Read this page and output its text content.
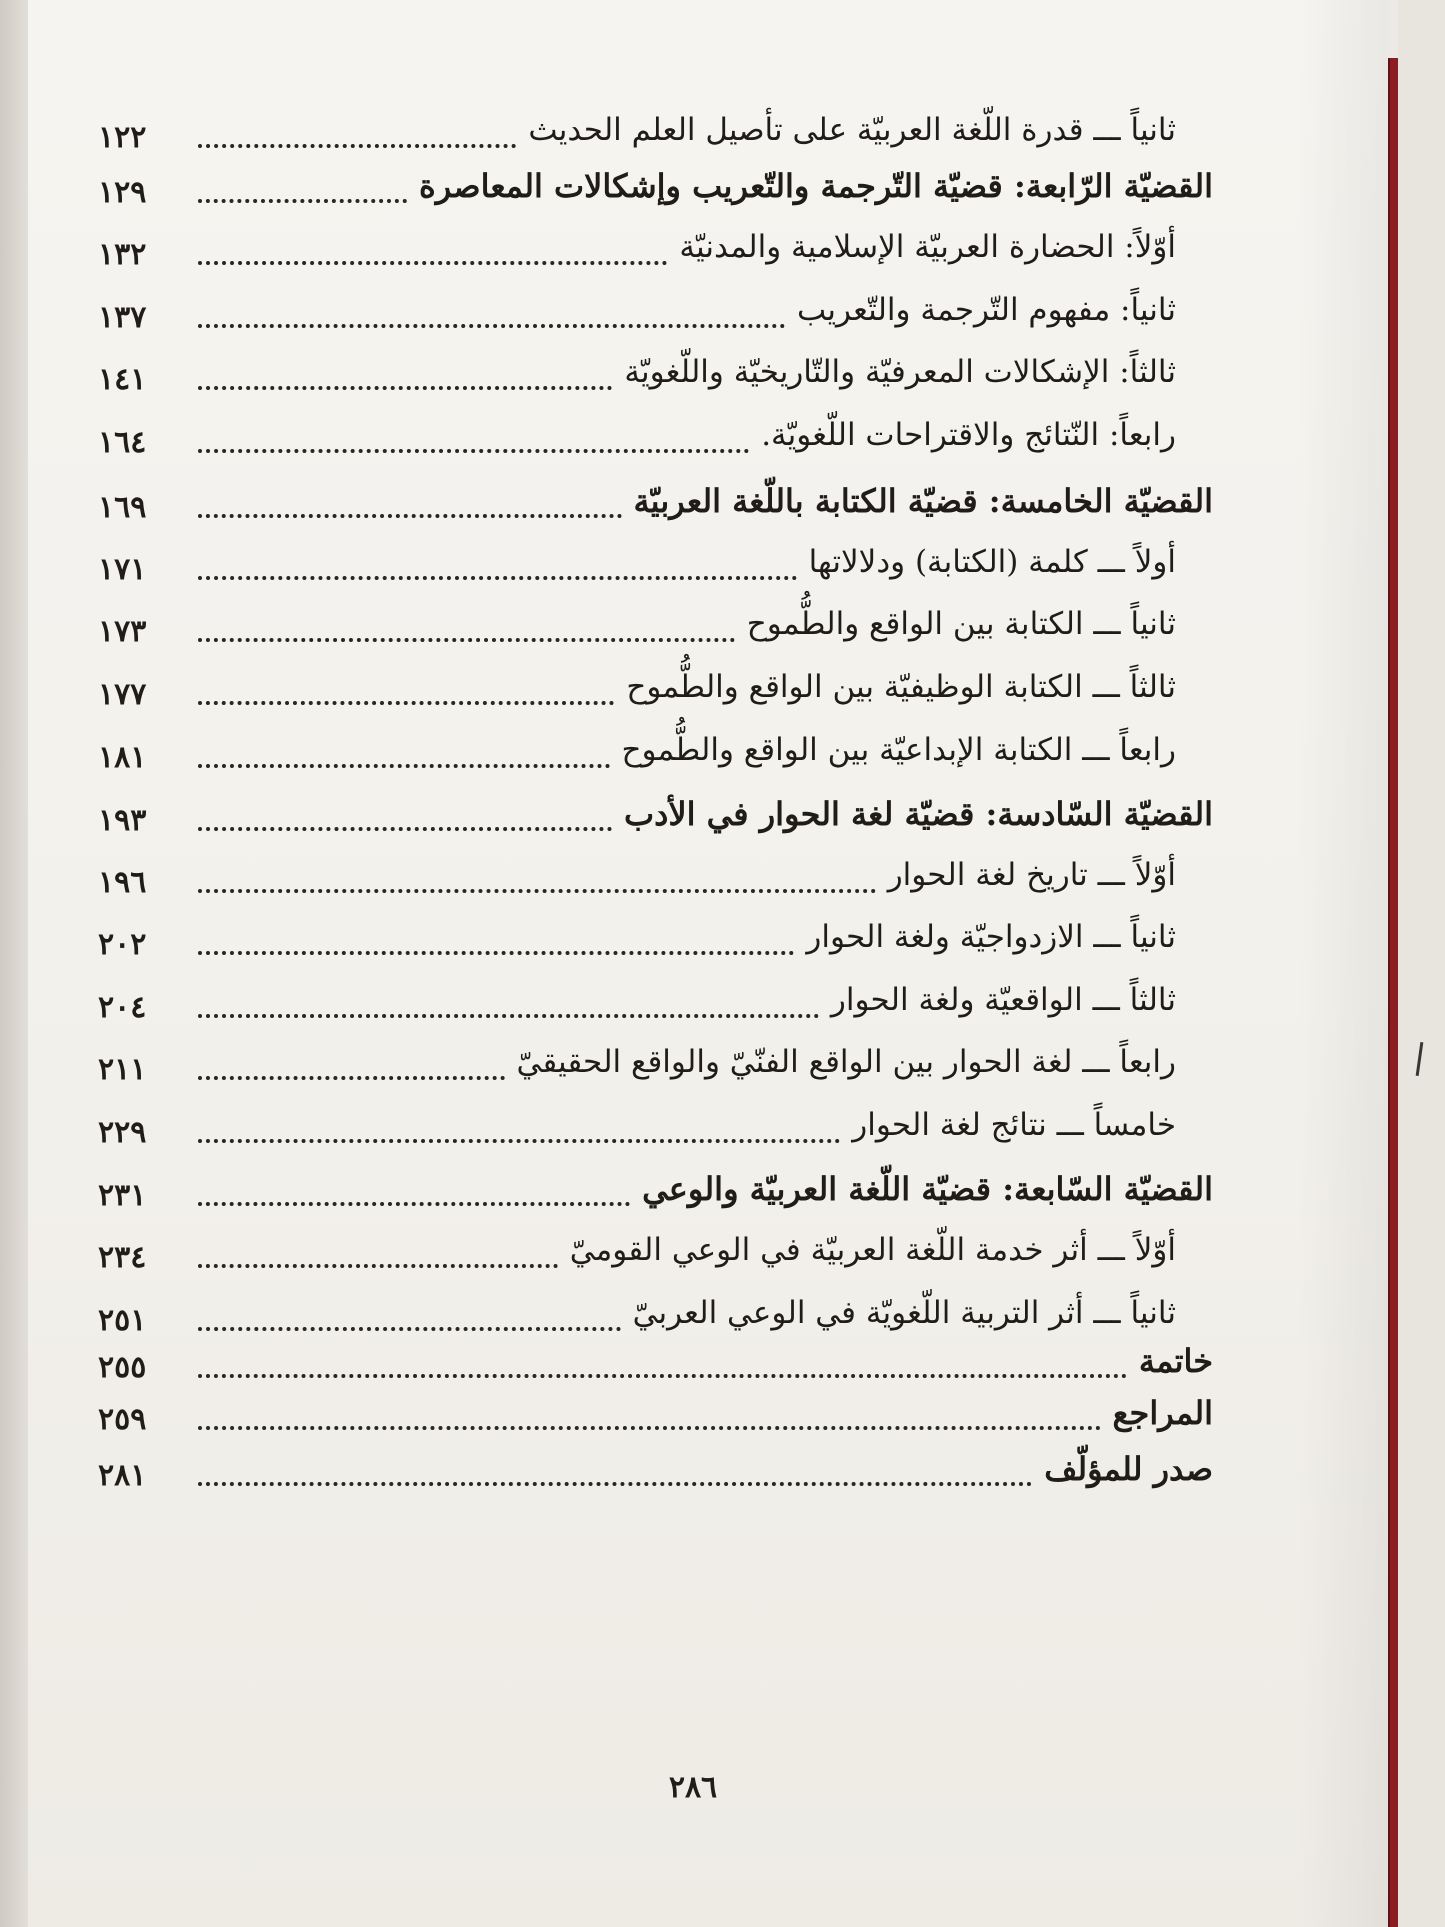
ثانياً ـــ قدرة اللّغة العربيّة على تأصيل العلم الحديث
١٢٢
القضيّة الرّابعة: قضيّة التّرجمة والتّعريب وإشكالات المعاصرة
١٢٩
أوّلاً: الحضارة العربيّة الإسلامية والمدنيّة
١٣٢
ثانياً: مفهوم التّرجمة والتّعريب
١٣٧
ثالثاً: الإشكالات المعرفيّة والتّاريخيّة واللّغويّة
١٤١
رابعاً: النّتائج والاقتراحات اللّغويّة.
١٦٤
القضيّة الخامسة: قضيّة الكتابة باللّغة العربيّة
١٦٩
أولاً ـــ كلمة (الكتابة) ودلالاتها
١٧١
ثانياً ـــ الكتابة بين الواقع والطُّموح
١٧٣
ثالثاً ـــ الكتابة الوظيفيّة بين الواقع والطُّموح
١٧٧
رابعاً ـــ الكتابة الإبداعيّة بين الواقع والطُّموح
١٨١
القضيّة السّادسة: قضيّة لغة الحوار في الأدب
١٩٣
أوّلاً ـــ تاريخ لغة الحوار
١٩٦
ثانياً ـــ الازدواجيّة ولغة الحوار
٢٠٢
ثالثاً ـــ الواقعيّة ولغة الحوار
٢٠٤
رابعاً ـــ لغة الحوار بين الواقع الفنّيّ والواقع الحقيقيّ
٢١١
خامساً ـــ نتائج لغة الحوار
٢٢٩
القضيّة السّابعة: قضيّة اللّغة العربيّة والوعي
٢٣١
أوّلاً ـــ أثر خدمة اللّغة العربيّة في الوعي القوميّ
٢٣٤
ثانياً ـــ أثر التربية اللّغويّة في الوعي العربيّ
٢٥١
خاتمة
٢٥٥
المراجع
٢٥٩
صدر للمؤلّف
٢٨١
٢٨٦
